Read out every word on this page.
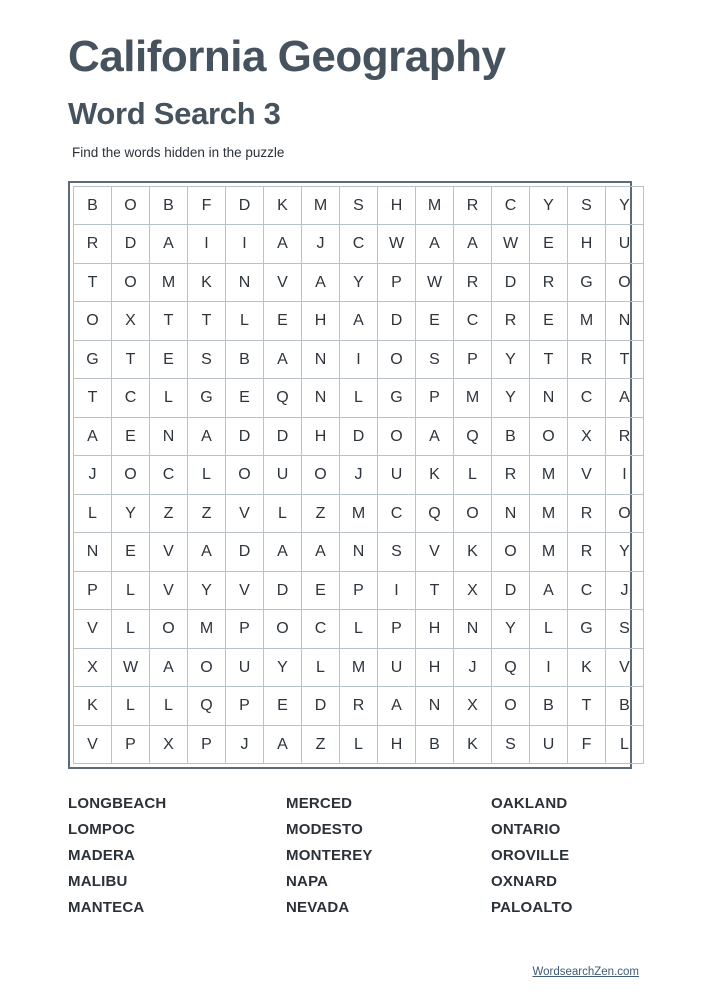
California Geography
Word Search 3

Find the words hidden in the puzzle

B	O	B	F	D	K	M	S	H	M	R	C	Y	S	Y
R	D	A	I	I	A	J	C	W	A	A	W	E	H	U
T	O	M	K	N	V	A	Y	P	W	R	D	R	G	O
O	X	T	T	L	E	H	A	D	E	C	R	E	M	N
G	T	E	S	B	A	N	I	O	S	P	Y	T	R	T
T	C	L	G	E	Q	N	L	G	P	M	Y	N	C	A
A	E	N	A	D	D	H	D	O	A	Q	B	O	X	R
J	O	C	L	O	U	O	J	U	K	L	R	M	V	I
L	Y	Z	Z	V	L	Z	M	C	Q	O	N	M	R	O
N	E	V	A	D	A	A	N	S	V	K	O	M	R	Y
P	L	V	Y	V	D	E	P	I	T	X	D	A	C	J
V	L	O	M	P	O	C	L	P	H	N	Y	L	G	S
X	W	A	O	U	Y	L	M	U	H	J	Q	I	K	V
K	L	L	Q	P	E	D	R	A	N	X	O	B	T	B
V	P	X	P	J	A	Z	L	H	B	K	S	U	F	L
LONGBEACH
LOMPOC
MADERA
MALIBU
MANTECA
MERCED
MODESTO
MONTEREY
NAPA
NEVADA
OAKLAND
ONTARIO
OROVILLE
OXNARD
PALOALTO
WordsearchZen.com
